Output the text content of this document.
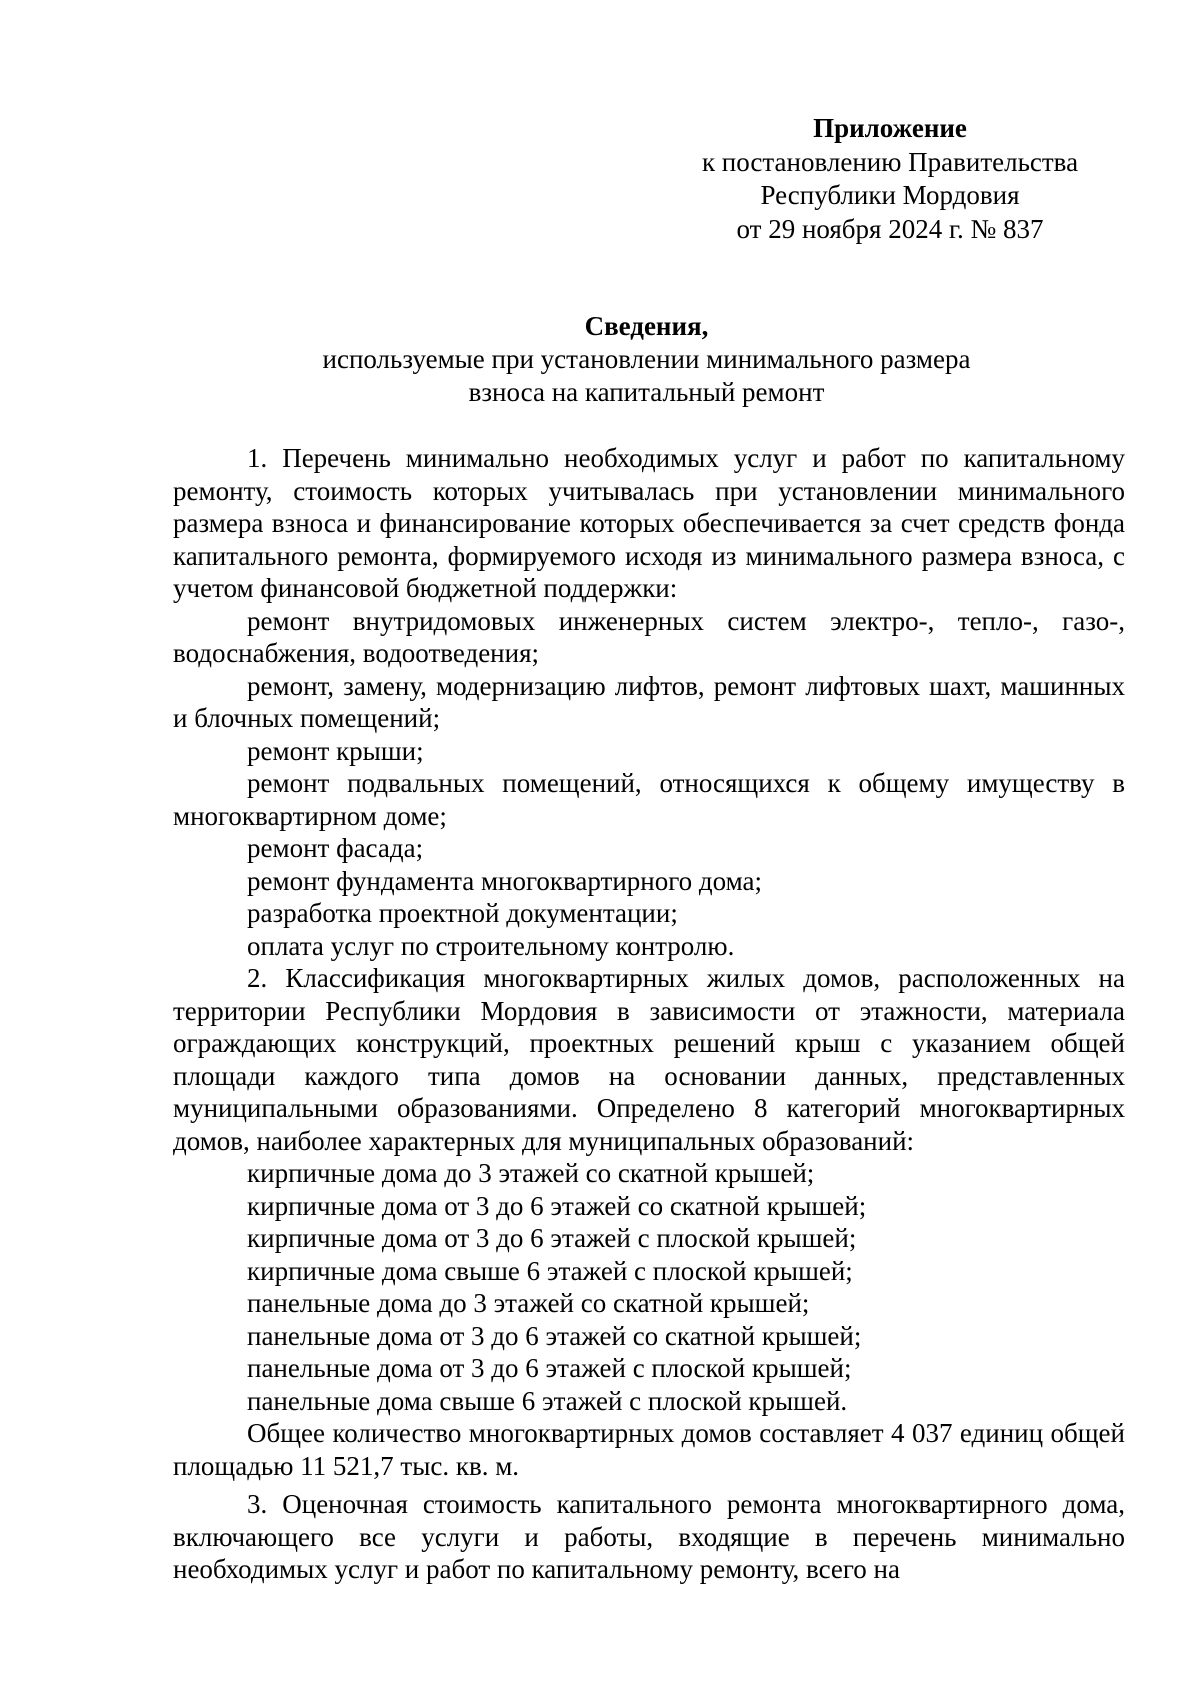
Приложение
к постановлению Правительства
Республики Мордовия
от 29 ноября 2024 г. № 837
Сведения,
используемые при установлении минимального размера взноса на капитальный ремонт

1. Перечень минимально необходимых услуг и работ по капитальному ремонту, стоимость которых учитывалась при установлении минимального размера взноса и финансирование которых обеспечивается за счет средств фонда капитального ремонта, формируемого исходя из минимального размера взноса, с учетом финансовой бюджетной поддержки:

ремонт внутридомовых инженерных систем электро-, тепло-, газо-, водоснабжения, водоотведения;

ремонт, замену, модернизацию лифтов, ремонт лифтовых шахт, машинных и блочных помещений;

ремонт крыши;

ремонт подвальных помещений, относящихся к общему имуществу в многоквартирном доме;

ремонт фасада;

ремонт фундамента многоквартирного дома;

разработка проектной документации;

оплата услуг по строительному контролю.

2. Классификация многоквартирных жилых домов, расположенных на территории Республики Мордовия в зависимости от этажности, материала ограждающих конструкций, проектных решений крыш с указанием общей площади каждого типа домов на основании данных, представленных муниципальными образованиями. Определено 8 категорий многоквартирных домов, наиболее характерных для муниципальных образований:

кирпичные дома до 3 этажей со скатной крышей;

кирпичные дома от 3 до 6 этажей со скатной крышей;

кирпичные дома от 3 до 6 этажей с плоской крышей;

кирпичные дома свыше 6 этажей с плоской крышей;

панельные дома до 3 этажей со скатной крышей;

панельные дома от 3 до 6 этажей со скатной крышей;

панельные дома от 3 до 6 этажей с плоской крышей;

панельные дома свыше 6 этажей с плоской крышей.

Общее количество многоквартирных домов составляет 4 037 единиц общей площадью 11 521,7 тыс. кв. м.

3. Оценочная стоимость капитального ремонта многоквартирного дома, включающего все услуги и работы, входящие в перечень минимально необходимых услуг и работ по капитальному ремонту, всего на
